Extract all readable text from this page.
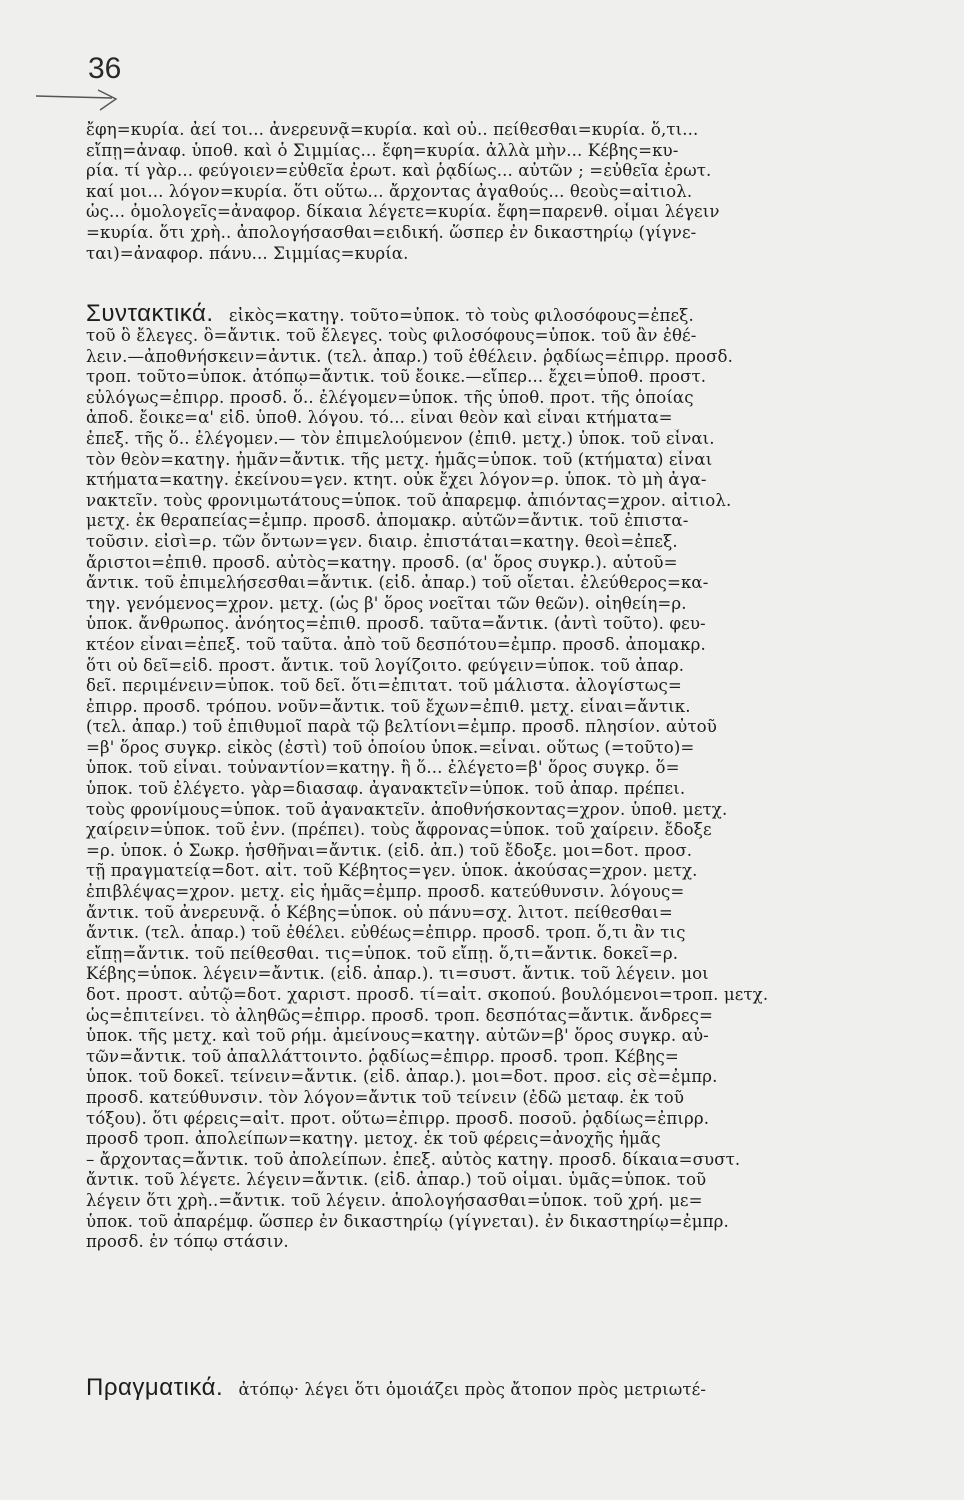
36
ἔφη=κυρία. ἀεί τοι... ἀνερευνᾷ=κυρία. καὶ οὐ.. πείθεσθαι=κυρία. ὅ,τι...
εἴπῃ=ἀναφ. ὑποθ. καὶ ὁ Σιμμίας... ἔφη=κυρία. ἀλλὰ μὴν... Κέβης=κυ-
ρία. τί γὰρ... φεύγοιεν=εὐθεῖα ἐρωτ. καὶ ῥᾳδίως... αὐτῶν ; =εὐθεῖα ἐρωτ.
καί μοι... λόγον=κυρία. ὅτι οὕτω... ἄρχοντας ἀγαθούς... θεοὺς=αἰτιολ.
ὡς... ὁμολογεῖς=ἀναφορ. δίκαια λέγετε=κυρία. ἔφη=παρενθ. οἶμαι λέγειν
=κυρία. ὅτι χρὴ.. ἀπολογήσασθαι=ειδική. ὥσπερ ἐν δικαστηρίῳ (γίγνε-
ται)=ἀναφορ. πάνυ... Σιμμίας=κυρία.
Συντακτικά. εἰκὸς=κατηγ. τοῦτο=ὑποκ. τὸ τοὺς φιλοσόφους=ἐπεξ.
τοῦ ὃ ἔλεγες. ὃ=ἄντικ. τοῦ ἔλεγες. τοὺς φιλοσόφους=ὑποκ. τοῦ ἂν ἐθέ-
λειν.—ἀποθνήσκειν=ἀντικ. (τελ. ἀπαρ.) τοῦ ἐθέλειν. ῥᾳδίως=ἐπιρρ. προσδ.
τροπ. τοῦτο=ὑποκ. ἀτόπῳ=ἄντικ. τοῦ ἔοικε.—εἴπερ... ἔχει=ὑποθ. προστ.
εὐλόγως=ἐπιρρ. προσδ. ὅ.. ἐλέγομεν=ὑποκ. τῆς ὑποθ. προτ. τῆς ὁποίας
ἀποδ. ἔοικε=α' εἰδ. ὑποθ. λόγου. τό... εἶναι θεὸν καὶ εἶναι κτήματα=
ἐπεξ. τῆς ὅ.. ἐλέγομεν.— τὸν ἐπιμελούμενον (ἐπιθ. μετχ.) ὑποκ. τοῦ εἶναι.
τὸν θεὸν=κατηγ. ἡμᾶν=ἄντικ. τῆς μετχ. ἡμᾶς=ὑποκ. τοῦ (κτήματα) εἶναι
κτήματα=κατηγ. ἐκείνου=γεν. κτητ. οὐκ ἔχει λόγον=ρ. ὑποκ. τὸ μὴ ἀγα-
νακτεῖν. τοὺς φρονιμωτάτους=ὑποκ. τοῦ ἀπαρεμφ. ἀπιόντας=χρον. αἰτιολ.
μετχ. ἐκ θεραπείας=ἐμπρ. προσδ. ἀπομακρ. αὐτῶν=ἄντικ. τοῦ ἐπιστα-
τοῦσιν. εἰσὶ=ρ. τῶν ὄντων=γεν. διαιρ. ἐπιστάται=κατηγ. θεοὶ=ἐπεξ.
ἄριστοι=ἐπιθ. προσδ. αὐτὸς=κατηγ. προσδ. (α' ὅρος συγκρ.). αὑτοῦ=
ἄντικ. τοῦ ἐπιμελήσεσθαι=ἄντικ. (εἰδ. ἀπαρ.) τοῦ οἴεται. ἐλεύθερος=κα-
τηγ. γενόμενος=χρον. μετχ. (ὡς β' ὅρος νοεῖται τῶν θεῶν). οἰηθείη=ρ.
ὑποκ. ἄνθρωπος. ἀνόητος=ἐπιθ. προσδ. ταῦτα=ἄντικ. (ἀντὶ τοῦτο). φευ-
κτέον εἶναι=ἐπεξ. τοῦ ταῦτα. ἀπὸ τοῦ δεσπότου=ἐμπρ. προσδ. ἀπομακρ.
ὅτι οὐ δεῖ=εἰδ. προστ. ἄντικ. τοῦ λογίζοιτο. φεύγειν=ὑποκ. τοῦ ἀπαρ.
δεῖ. περιμένειν=ὑποκ. τοῦ δεῖ. ὅτι=ἐπιτατ. τοῦ μάλιστα. ἀλογίστως=
ἐπιρρ. προσδ. τρόπου. νοῦν=ἄντικ. τοῦ ἔχων=ἐπιθ. μετχ. εἶναι=ἄντικ.
(τελ. ἀπαρ.) τοῦ ἐπιθυμοῖ παρὰ τῷ βελτίονι=ἐμπρ. προσδ. πλησίον. αὐτοῦ
=β' ὅρος συγκρ. εἰκὸς (ἐστὶ) τοῦ ὁποίου ὑποκ.=εἶναι. οὕτως (=τοῦτο)=
ὑποκ. τοῦ εἶναι. τοὐναντίον=κατηγ. ἢ ὅ... ἐλέγετο=β' ὅρος συγκρ. ὅ=
ὑποκ. τοῦ ἐλέγετο. γὰρ=διασαφ. ἀγανακτεῖν=ὑποκ. τοῦ ἀπαρ. πρέπει.
τοὺς φρονίμους=ὑποκ. τοῦ ἀγανακτεῖν. ἀποθνήσκοντας=χρον. ὑποθ. μετχ.
χαίρειν=ὑποκ. τοῦ ἐνν. (πρέπει). τοὺς ἄφρονας=ὑποκ. τοῦ χαίρειν. ἔδοξε
=ρ. ὑποκ. ὁ Σωκρ. ἡσθῆναι=ἄντικ. (εἰδ. ἀπ.) τοῦ ἔδοξε. μοι=δοτ. προσ.
τῇ πραγματείᾳ=δοτ. αἰτ. τοῦ Κέβητος=γεν. ὑποκ. ἀκούσας=χρον. μετχ.
ἐπιβλέψας=χρον. μετχ. εἰς ἡμᾶς=ἐμπρ. προσδ. κατεύθυνσιν. λόγους=
ἄντικ. τοῦ ἀνερευνᾷ. ὁ Κέβης=ὑποκ. οὐ πάνυ=σχ. λιτοτ. πείθεσθαι=
ἄντικ. (τελ. ἀπαρ.) τοῦ ἐθέλει. εὐθέως=ἐπιρρ. προσδ. τροπ. ὅ,τι ἂν τις
εἴπῃ=ἄντικ. τοῦ πείθεσθαι. τις=ὑποκ. τοῦ εἴπῃ. ὅ,τι=ἄντικ. δοκεῖ=ρ.
Κέβης=ὑποκ. λέγειν=ἄντικ. (εἰδ. ἀπαρ.). τι=συστ. ἄντικ. τοῦ λέγειν. μοι
δοτ. προστ. αὐτῷ=δοτ. χαριστ. προσδ. τί=αἰτ. σκοπού. βουλόμενοι=τροπ. μετχ.
ὡς=ἐπιτείνει. τὸ ἀληθῶς=ἐπιρρ. προσδ. τροπ. δεσπότας=ἄντικ. ἄνδρες=
ὑποκ. τῆς μετχ. καὶ τοῦ ρήμ. ἀμείνους=κατηγ. αὐτῶν=β' ὅρος συγκρ. αὐ-
τῶν=ἄντικ. τοῦ ἀπαλλάττοιντο. ῥᾳδίως=ἐπιρρ. προσδ. τροπ. Κέβης=
ὑποκ. τοῦ δοκεῖ. τείνειν=ἄντικ. (εἰδ. ἀπαρ.). μοι=δοτ. προσ. εἰς σὲ=ἐμπρ.
προσδ. κατεύθυνσιν. τὸν λόγον=ἄντικ τοῦ τείνειν (ἐδῶ μεταφ. ἐκ τοῦ
τόξου). ὅτι φέρεις=αἰτ. προτ. οὕτω=ἐπιρρ. προσδ. ποσοῦ. ῥᾳδίως=ἐπιρρ.
προσδ τροπ. ἀπολείπων=κατηγ. μετοχ. ἐκ τοῦ φέρεις=ἀνοχῆς ἡμᾶς
– ἄρχοντας=ἄντικ. τοῦ ἀπολείπων. ἐπεξ. αὐτὸς κατηγ. προσδ. δίκαια=συστ.
ἄντικ. τοῦ λέγετε. λέγειν=ἄντικ. (εἰδ. ἀπαρ.) τοῦ οἶμαι. ὑμᾶς=ὑποκ. τοῦ
λέγειν ὅτι χρὴ..=ἄντικ. τοῦ λέγειν. ἀπολογήσασθαι=ὑποκ. τοῦ χρή. με=
ὑποκ. τοῦ ἀπαρέμφ. ὥσπερ ἐν δικαστηρίῳ (γίγνεται). ἐν δικαστηρίῳ=ἐμπρ.
προσδ. ἐν τόπῳ στάσιν.
Πραγματικά. ἀτόπῳ· λέγει ὅτι ὁμοιάζει πρὸς ἄτοπον πρὸς μετριωτέ-
